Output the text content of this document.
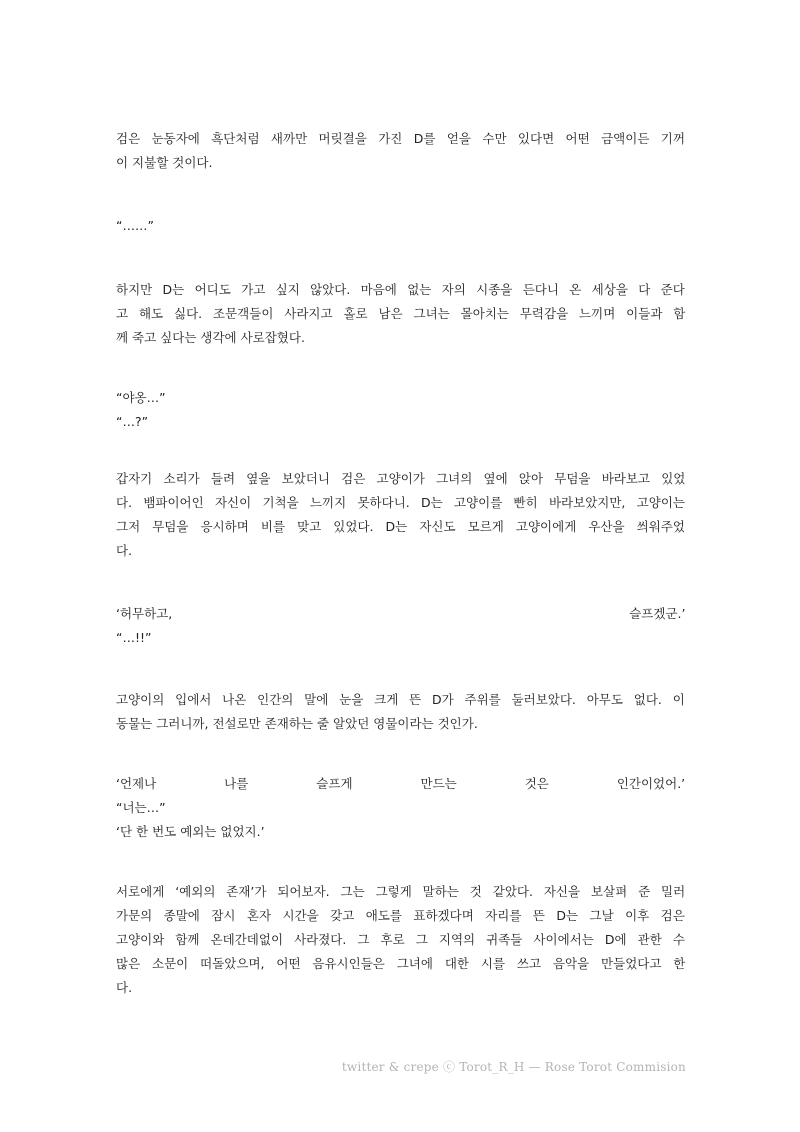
검은 눈동자에 흑단처럼 새까만 머릿결을 가진 D를 얻을 수만 있다면 어떤 금액이든 기꺼
이 지불할 것이다.
“……”
하지만 D는 어디도 가고 싶지 않았다. 마음에 없는 자의 시종을 든다니 온 세상을 다 준다
고 해도 싫다. 조문객들이 사라지고 홀로 남은 그녀는 몰아치는 무력감을 느끼며 이들과 함
께 죽고 싶다는 생각에 사로잡혔다.
“야옹…”
“…?”
갑자기 소리가 들려 옆을 보았더니 검은 고양이가 그녀의 옆에 앉아 무덤을 바라보고 있었
다. 뱀파이어인 자신이 기척을 느끼지 못하다니. D는 고양이를 빤히 바라보았지만, 고양이는
그저 무덤을 응시하며 비를 맞고 있었다. D는 자신도 모르게 고양이에게 우산을 씌워주었
다.
‘허무하고, 슬프겠군.’
“…!!”
고양이의 입에서 나온 인간의 말에 눈을 크게 뜬 D가 주위를 둘러보았다. 아무도 없다. 이
동물는 그러니까, 전설로만 존재하는 줄 알았던 영물이라는 것인가.
‘언제나 나를 슬프게 만드는 것은 인간이었어.’
“너는…”
‘단 한 번도 예외는 없었지.’
서로에게 ‘예외의 존재’가 되어보자. 그는 그렇게 말하는 것 같았다. 자신을 보살펴 준 밀러
가문의 종말에 잠시 혼자 시간을 갖고 애도를 표하겠다며 자리를 뜬 D는 그날 이후 검은
고양이와 함께 온데간데없이 사라졌다. 그 후로 그 지역의 귀족들 사이에서는 D에 관한 수
많은 소문이 떠돌았으며, 어떤 음유시인들은 그녀에 대한 시를 쓰고 음악을 만들었다고 한
다.
twitter & crepe ⓒ Torot_R_H — Rose Torot Commision
